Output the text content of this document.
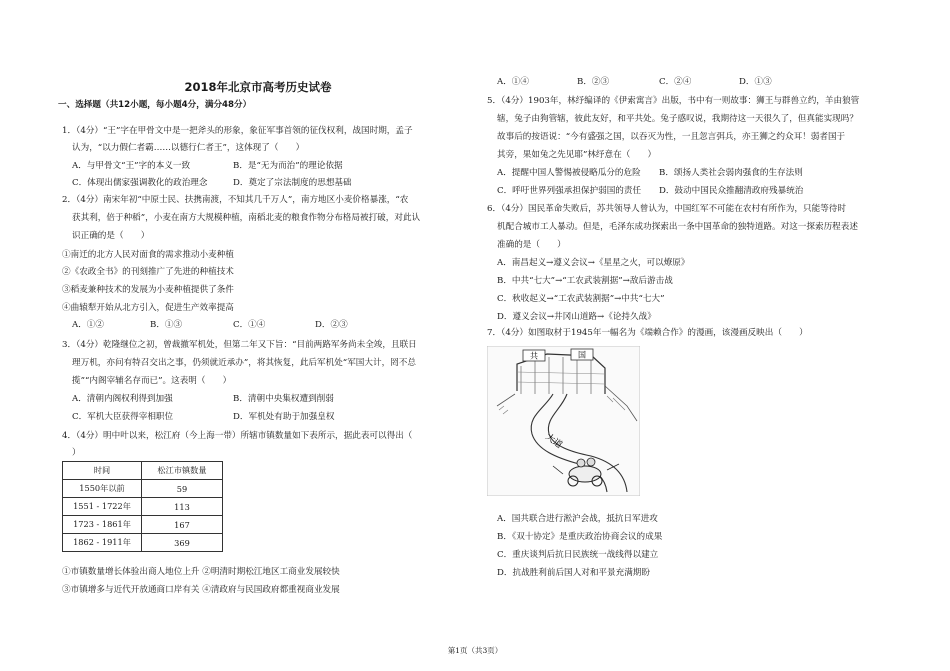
2018年北京市高考历史试卷
一、选择题（共12小题，每小题4分，满分48分）
1．（4分）“王”字在甲骨文中是一把斧头的形象，象征军事首领的征伐权利，战国时期，孟子
认为，“以力假仁者霸……以德行仁者王”，这体现了（　　）
2．（4分）南宋年初“中原士民、扶携南渡，不知其几千万人”，南方地区小麦价格暴涨，“农
获其利，倍于种稻”，小麦在南方大规模种植，南稻北麦的粮食作物分布格局被打破，对此认
识正确的是（　　）
①南迁的北方人民对面食的需求推动小麦种植
②《农政全书》的刊刻推广了先进的种植技术
③稻麦兼种技术的发展为小麦种植提供了条件
④曲辕犁开始从北方引入，促进生产效率提高
3．（4分）乾隆继位之初，曾裁撤军机处，但第二年又下旨：“目前两路军务尚未全竣，且联日
理万机，亦问有特召交出之事，仍须就近承办”，将其恢复，此后军机处“军国大计，罔不总
揽”“内阁宰辅名存而已”。这表明（　　）
4．（4分）明中叶以来，松江府（今上海一带）所辖市镇数量如下表所示，据此表可以得出（
）
①市镇数量增长体验出商人地位上升 ②明清时期松江地区工商业发展较快
③市镇增多与近代开放通商口岸有关 ④清政府与民国政府都重视商业发展
A．与甲骨文“王”字的本义一致	B．是“无为而治”的理论依据
C．体现出儒家强调教化的政治理念	D．奠定了宗法制度的思想基础
A．①②	B．①③	C．①④	D．②③
A．清朝内阁权利得到加强	B．清朝中央集权遭到削弱
C．军机大臣获得宰相职位	D．军机处有助于加强皇权
时间	松江市镇数量
1550年以前	59
1551 - 1722年	113
1723 - 1861年	167
1862 - 1911年	369
5．（4分）1903年，林纾编译的《伊索寓言》出版，书中有一则故事：狮王与群兽立约，羊由狼管
辖，兔子由狗管辖，彼此友好，和平共处。兔子感叹说，我期待这一天很久了，但真能实现吗？
故事后的按语说：“今有盛强之国，以吞灭为性，一且忽言弭兵，亦王狮之约众耳！弱者国于
其旁，果如兔之先见耶”林纾意在（　　）
6．（4分）国民革命失败后，苏共领导人曾认为，中国红军不可能在农村有所作为，只能等待时
机配合城市工人暴动。但是，毛泽东成功探索出一条中国革命的独特道路。对这一探索历程表述
准确的是（　　）
7．（4分）如图取材于1945年一幅名为《端赖合作》的漫画，该漫画反映出（　　）
A．①④	B．②③	C．②④	D．①③
A．提醒中国人警惕被侵略瓜分的危险 B．颂扬人类社会弱肉强食的生存法则
C．呼吁世界列强承担保护弱国的责任 D．鼓动中国民众推翻清政府残暴统治
A．南昌起义→遵义会议→《星星之火，可以燎原》
B．中共“七大”→“工农武装割据”→敌后游击战
C．秋收起义→“工农武装割据”→中共“七大”
D．遵义会议→井冈山道路→《论持久战》
A．国共联合进行淞沪会战，抵抗日军进攻
B．《双十协定》是重庆政治协商会议的成果
C．重庆谈判后抗日民族统一战线得以建立
D．抗战胜利前后国人对和平景充满期盼
共	国
大道
第1页（共3页）
